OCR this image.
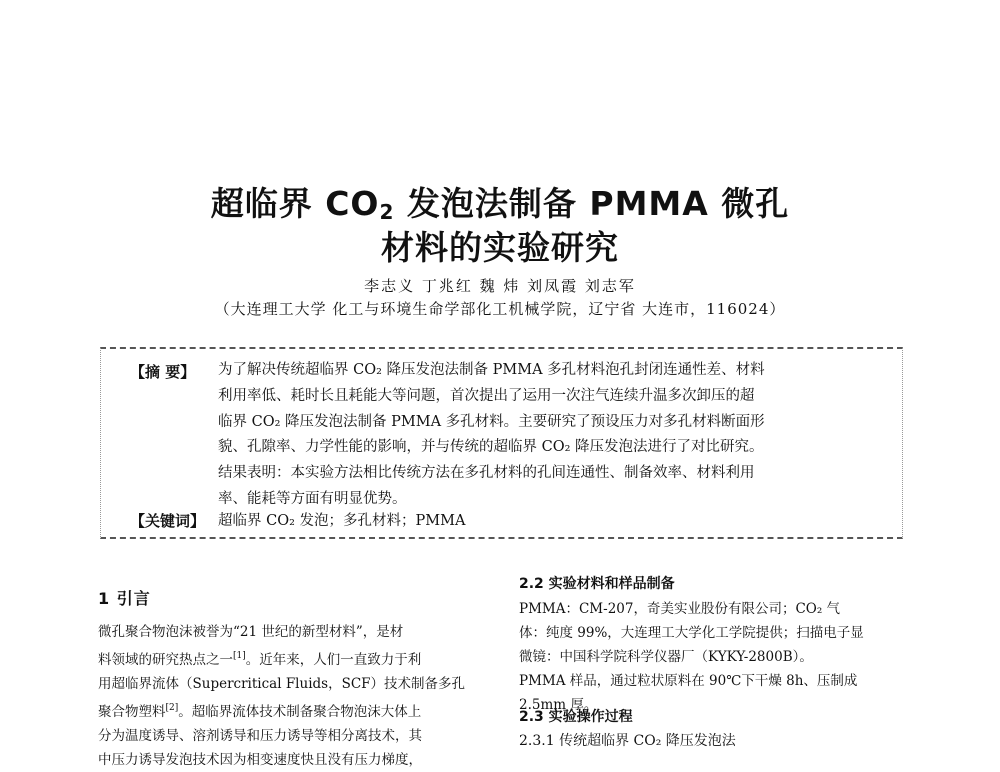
超临界 $CO_2$ 发泡法制备 PMMA 微孔
材料的实验研究
李志义 丁兆红 魏 炜 刘凤霞 刘志军
（大连理工大学 化工与环境生命学部化工机械学院，辽宁省 大连市，116024）
【摘 要】 为了解决传统超临界 CO₂ 降压发泡法制备 PMMA 多孔材料泡孔封闭连通性差、材料
利用率低、耗时长且耗能大等问题，首次提出了运用一次注气连续升温多次卸压的超
临界 CO₂ 降压发泡法制备 PMMA 多孔材料。主要研究了预设压力对多孔材料断面形
貌、孔隙率、力学性能的影响，并与传统的超临界 CO₂ 降压发泡法进行了对比研究。
结果表明：本实验方法相比传统方法在多孔材料的孔间连通性、制备效率、材料利用
率、能耗等方面有明显优势。
【关键词】 超临界 CO₂ 发泡；多孔材料；PMMA
1 引言
微孔聚合物泡沫被誉为“21 世纪的新型材料”，是材
料领域的研究热点之一[1]。近年来，人们一直致力于利
用超临界流体（Supercritical Fluids，SCF）技术制备多孔
聚合物塑料[2]。超临界流体技术制备聚合物泡沫大体上
分为温度诱导、溶剂诱导和压力诱导等相分离技术，其
中压力诱导发泡技术因为相变速度快且没有压力梯度，
2.2 实验材料和样品制备
PMMA：CM-207，奇美实业股份有限公司；CO₂ 气
体：纯度 99%，大连理工大学化工学院提供；扫描电子显
微镜：中国科学院科学仪器厂（KYKY-2800B）。
PMMA 样品，通过粒状原料在 90℃下干燥 8h、压制成
2.5mm 厚。
2.3 实验操作过程
2.3.1 传统超临界 CO₂ 降压发泡法
